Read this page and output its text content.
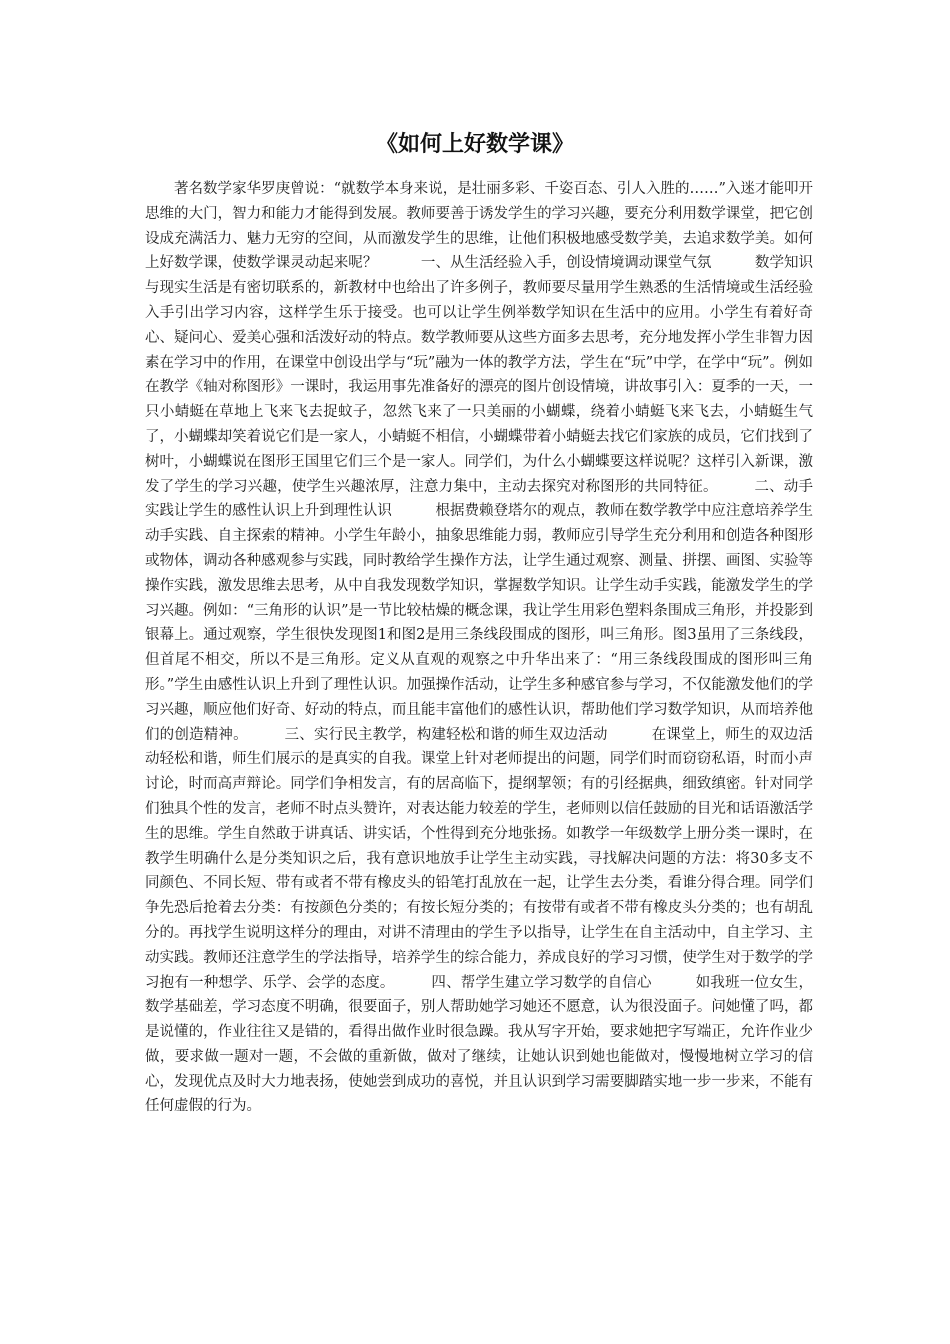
《如何上好数学课》

著名数学家华罗庚曾说：“就数学本身来说，是壮丽多彩、千姿百态、引人入胜的……”入迷才能叩开思维的大门，智力和能力才能得到发展。教师要善于诱发学生的学习兴趣，要充分利用数学课堂，把它创设成充满活力、魅力无穷的空间，从而激发学生的思维，让他们积极地感受数学美，去追求数学美。如何上好数学课，使数学课灵动起来呢？　　　一、从生活经验入手，创设情境调动课堂气氛　　　数学知识与现实生活是有密切联系的，新教材中也给出了许多例子，教师要尽量用学生熟悉的生活情境或生活经验入手引出学习内容，这样学生乐于接受。也可以让学生例举数学知识在生活中的应用。小学生有着好奇心、疑问心、爱美心强和活泼好动的特点。数学教师要从这些方面多去思考，充分地发挥小学生非智力因素在学习中的作用，在课堂中创设出学与“玩”融为一体的教学方法，学生在“玩”中学，在学中“玩”。例如在教学《轴对称图形》一课时，我运用事先准备好的漂亮的图片创设情境，讲故事引入：夏季的一天，一只小蜻蜓在草地上飞来飞去捉蚊子，忽然飞来了一只美丽的小蝴蝶，绕着小蜻蜓飞来飞去，小蜻蜓生气了，小蝴蝶却笑着说它们是一家人，小蜻蜓不相信，小蝴蝶带着小蜻蜓去找它们家族的成员，它们找到了树叶，小蝴蝶说在图形王国里它们三个是一家人。同学们，为什么小蝴蝶要这样说呢？这样引入新课，激发了学生的学习兴趣，使学生兴趣浓厚，注意力集中，主动去探究对称图形的共同特征。　　　二、动手实践让学生的感性认识上升到理性认识　　　根据费赖登塔尔的观点，教师在数学教学中应注意培养学生动手实践、自主探索的精神。小学生年龄小，抽象思维能力弱，教师应引导学生充分利用和创造各种图形或物体，调动各种感观参与实践，同时教给学生操作方法，让学生通过观察、测量、拼摆、画图、实验等操作实践，激发思维去思考，从中自我发现数学知识，掌握数学知识。让学生动手实践，能激发学生的学习兴趣。例如：“三角形的认识”是一节比较枯燥的概念课，我让学生用彩色塑料条围成三角形，并投影到银幕上。通过观察，学生很快发现图1和图2是用三条线段围成的图形，叫三角形。图3虽用了三条线段，但首尾不相交，所以不是三角形。定义从直观的观察之中升华出来了：“用三条线段围成的图形叫三角形。”学生由感性认识上升到了理性认识。加强操作活动，让学生多种感官参与学习，不仅能激发他们的学习兴趣，顺应他们好奇、好动的特点，而且能丰富他们的感性认识，帮助他们学习数学知识，从而培养他们的创造精神。　　　三、实行民主教学，构建轻松和谐的师生双边活动　　　在课堂上，师生的双边活动轻松和谐，师生们展示的是真实的自我。课堂上针对老师提出的问题，同学们时而窃窃私语，时而小声讨论，时而高声辩论。同学们争相发言，有的居高临下，提纲挈领；有的引经据典，细致缜密。针对同学们独具个性的发言，老师不时点头赞许，对表达能力较差的学生，老师则以信任鼓励的目光和话语激活学生的思维。学生自然敢于讲真话、讲实话，个性得到充分地张扬。如教学一年级数学上册分类一课时，在教学生明确什么是分类知识之后，我有意识地放手让学生主动实践，寻找解决问题的方法：将30多支不同颜色、不同长短、带有或者不带有橡皮头的铅笔打乱放在一起，让学生去分类，看谁分得合理。同学们争先恐后抢着去分类：有按颜色分类的；有按长短分类的；有按带有或者不带有橡皮头分类的；也有胡乱分的。再找学生说明这样分的理由，对讲不清理由的学生予以指导，让学生在自主活动中，自主学习、主动实践。教师还注意学生的学法指导，培养学生的综合能力，养成良好的学习习惯，使学生对于数学的学习抱有一种想学、乐学、会学的态度。　　　四、帮学生建立学习数学的自信心　　　如我班一位女生，数学基础差，学习态度不明确，很要面子，别人帮助她学习她还不愿意，认为很没面子。问她懂了吗，都是说懂的，作业往往又是错的，看得出做作业时很急躁。我从写字开始，要求她把字写端正，允许作业少做，要求做一题对一题，不会做的重新做，做对了继续，让她认识到她也能做对，慢慢地树立学习的信心，发现优点及时大力地表扬，使她尝到成功的喜悦，并且认识到学习需要脚踏实地一步一步来，不能有任何虚假的行为。
